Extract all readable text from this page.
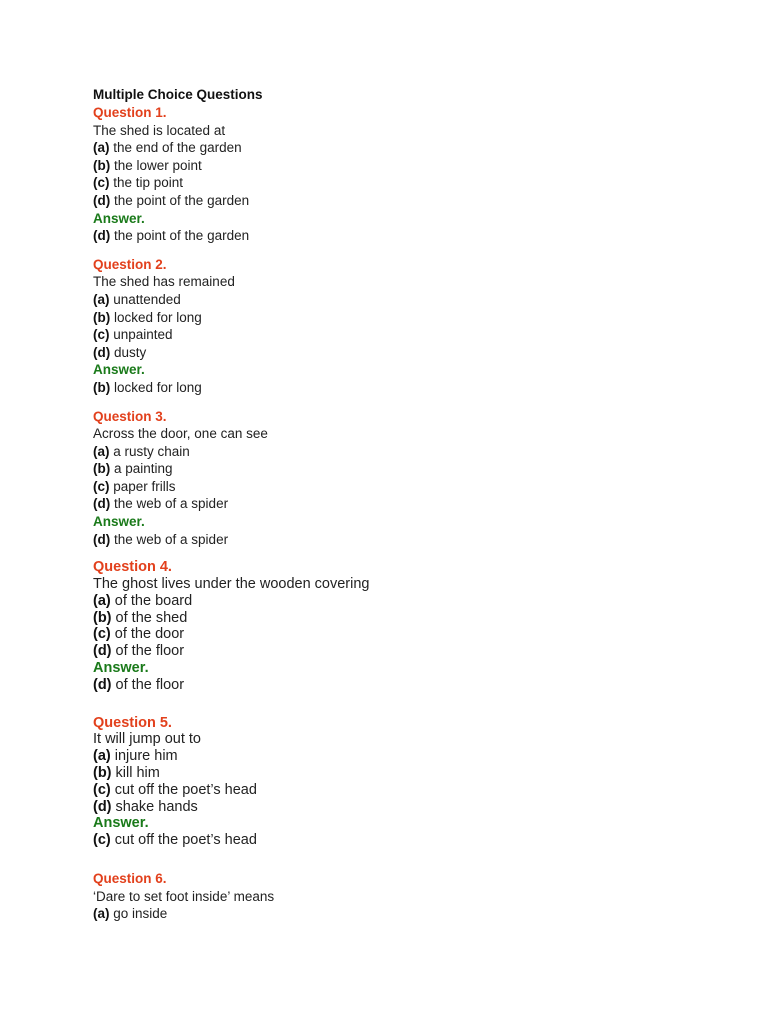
Multiple Choice Questions
Question 1.
The shed is located at
(a) the end of the garden
(b) the lower point
(c) the tip point
(d) the point of the garden
Answer.
(d) the point of the garden
Question 2.
The shed has remained
(a) unattended
(b) locked for long
(c) unpainted
(d) dusty
Answer.
(b) locked for long
Question 3.
Across the door, one can see
(a) a rusty chain
(b) a painting
(c) paper frills
(d) the web of a spider
Answer.
(d) the web of a spider
Question 4.
The ghost lives under the wooden covering
(a) of the board
(b) of the shed
(c) of the door
(d) of the floor
Answer.
(d) of the floor
Question 5.
It will jump out to
(a) injure him
(b) kill him
(c) cut off the poet’s head
(d) shake hands
Answer.
(c) cut off the poet’s head
Question 6.
‘Dare to set foot inside’ means
(a) go inside
